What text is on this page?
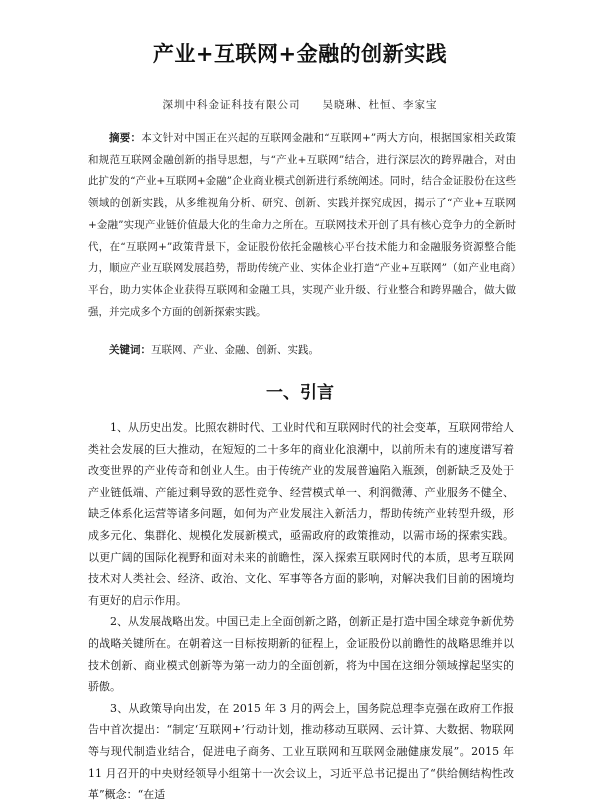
产业+互联网+金融的创新实践
深圳中科金证科技有限公司 吴晓琳、杜恒、李家宝

摘要：本文针对中国正在兴起的互联网金融和“互联网+”两大方向，根据国家相关政策和规范互联网金融创新的指导思想，与“产业+互联网”结合，进行深层次的跨界融合，对由此扩发的“产业+互联网+金融”企业商业模式创新进行系统阐述。同时，结合金证股份在这些领域的创新实践，从多维视角分析、研究、创新、实践并探究成因，揭示了“产业+互联网+金融”实现产业链价值最大化的生命力之所在。互联网技术开创了具有核心竞争力的全新时代，在“互联网+”政策背景下，金证股份依托金融核心平台技术能力和金融服务资源整合能力，顺应产业互联网发展趋势，帮助传统产业、实体企业打造“产业+互联网”（如产业电商）平台，助力实体企业获得互联网和金融工具，实现产业升级、行业整合和跨界融合，做大做强，并完成多个方面的创新探索实践。

关键词：互联网、产业、金融、创新、实践。

一、引言

1、从历史出发。比照农耕时代、工业时代和互联网时代的社会变革，互联网带给人类社会发展的巨大推动，在短短的二十多年的商业化浪潮中，以前所未有的速度谱写着改变世界的产业传奇和创业人生。由于传统产业的发展普遍陷入瓶颈，创新缺乏及处于产业链低端、产能过剩导致的恶性竞争、经营模式单一、利润微薄、产业服务不健全、缺乏体系化运营等诸多问题，如何为产业发展注入新活力，帮助传统产业转型升级，形成多元化、集群化、规模化发展新模式，亟需政府的政策推动，以需市场的探索实践。以更广阔的国际化视野和面对未来的前瞻性，深入探索互联网时代的本质，思考互联网技术对人类社会、经济、政治、文化、军事等各方面的影响，对解决我们目前的困境均有更好的启示作用。

2、从发展战略出发。中国已走上全面创新之路，创新正是打造中国全球竞争新优势的战略关键所在。在朝着这一目标按期新的征程上，金证股份以前瞻性的战略思维并以技术创新、商业模式创新等为第一动力的全面创新，将为中国在这细分领域撑起坚实的骄傲。

3、从政策导向出发，在 2015 年 3 月的两会上，国务院总理李克强在政府工作报告中首次提出：“制定‘互联网+’行动计划，推动移动互联网、云计算、大数据、物联网等与现代制造业结合，促进电子商务、工业互联网和互联网金融健康发展”。2015 年 11 月召开的中央财经领导小组第十一次会议上，习近平总书记提出了“供给侧结构性改革”概念：“在适
